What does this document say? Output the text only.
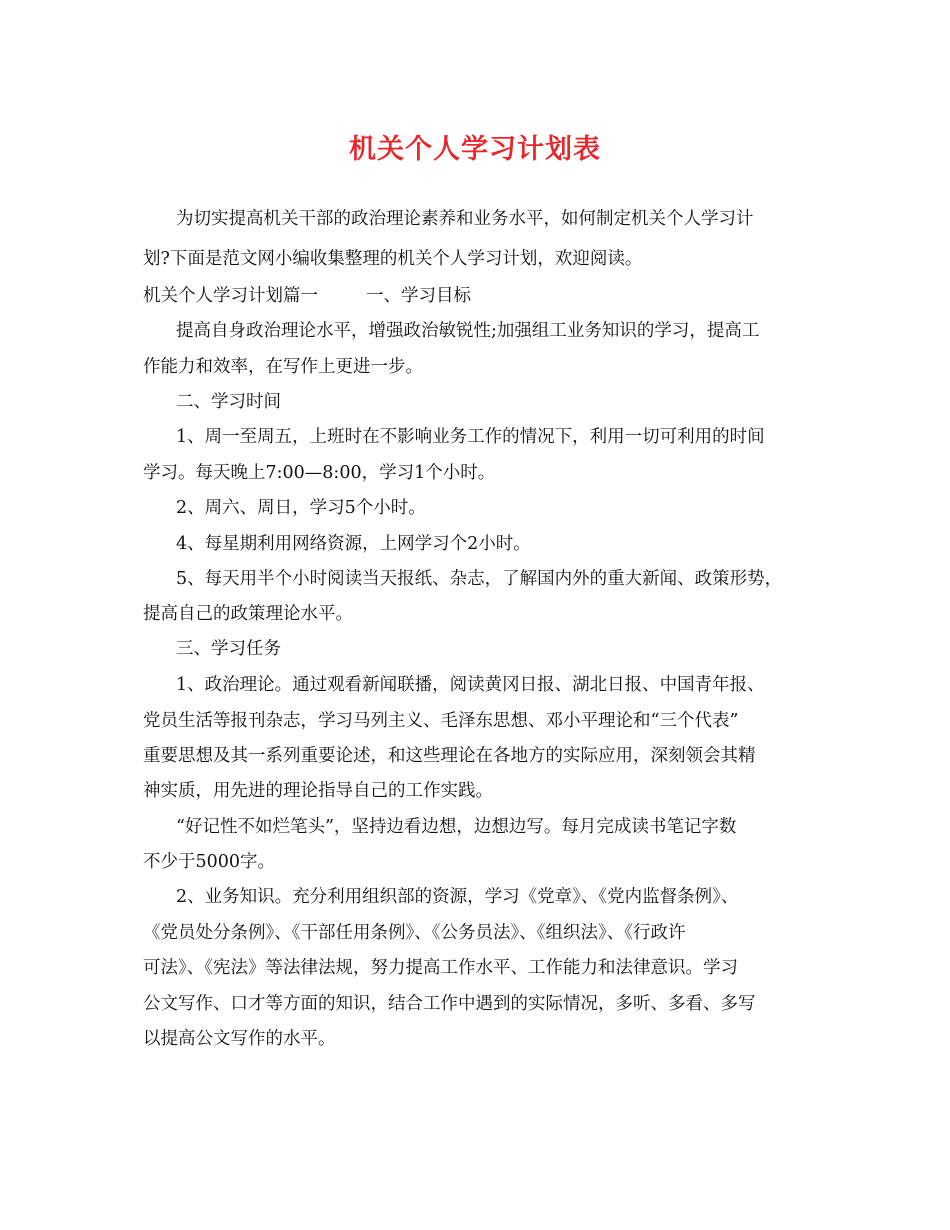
机关个人学习计划表
为切实提高机关干部的政治理论素养和业务水平，如何制定机关个人学习计
划?下面是范文网小编收集整理的机关个人学习计划，欢迎阅读。
机关个人学习计划篇一	一、学习目标
提高自身政治理论水平，增强政治敏锐性;加强组工业务知识的学习，提高工
作能力和效率，在写作上更进一步。
二、学习时间
1、周一至周五，上班时在不影响业务工作的情况下，利用一切可利用的时间
学习。每天晚上7:00—8:00，学习1个小时。
2、周六、周日，学习5个小时。
4、每星期利用网络资源，上网学习个2小时。
5、每天用半个小时阅读当天报纸、杂志，了解国内外的重大新闻、政策形势，
提高自己的政策理论水平。
三、学习任务
1、政治理论。通过观看新闻联播，阅读黄冈日报、湖北日报、中国青年报、
党员生活等报刊杂志，学习马列主义、毛泽东思想、邓小平理论和“三个代表”
重要思想及其一系列重要论述，和这些理论在各地方的实际应用，深刻领会其精
神实质，用先进的理论指导自己的工作实践。
“好记性不如烂笔头”，坚持边看边想，边想边写。每月完成读书笔记字数
不少于5000字。
2、业务知识。充分利用组织部的资源，学习《党章》、《党内监督条例》、
《党员处分条例》、《干部任用条例》、《公务员法》、《组织法》、《行政许
可法》、《宪法》等法律法规，努力提高工作水平、工作能力和法律意识。学习
公文写作、口才等方面的知识，结合工作中遇到的实际情况，多听、多看、多写
以提高公文写作的水平。
